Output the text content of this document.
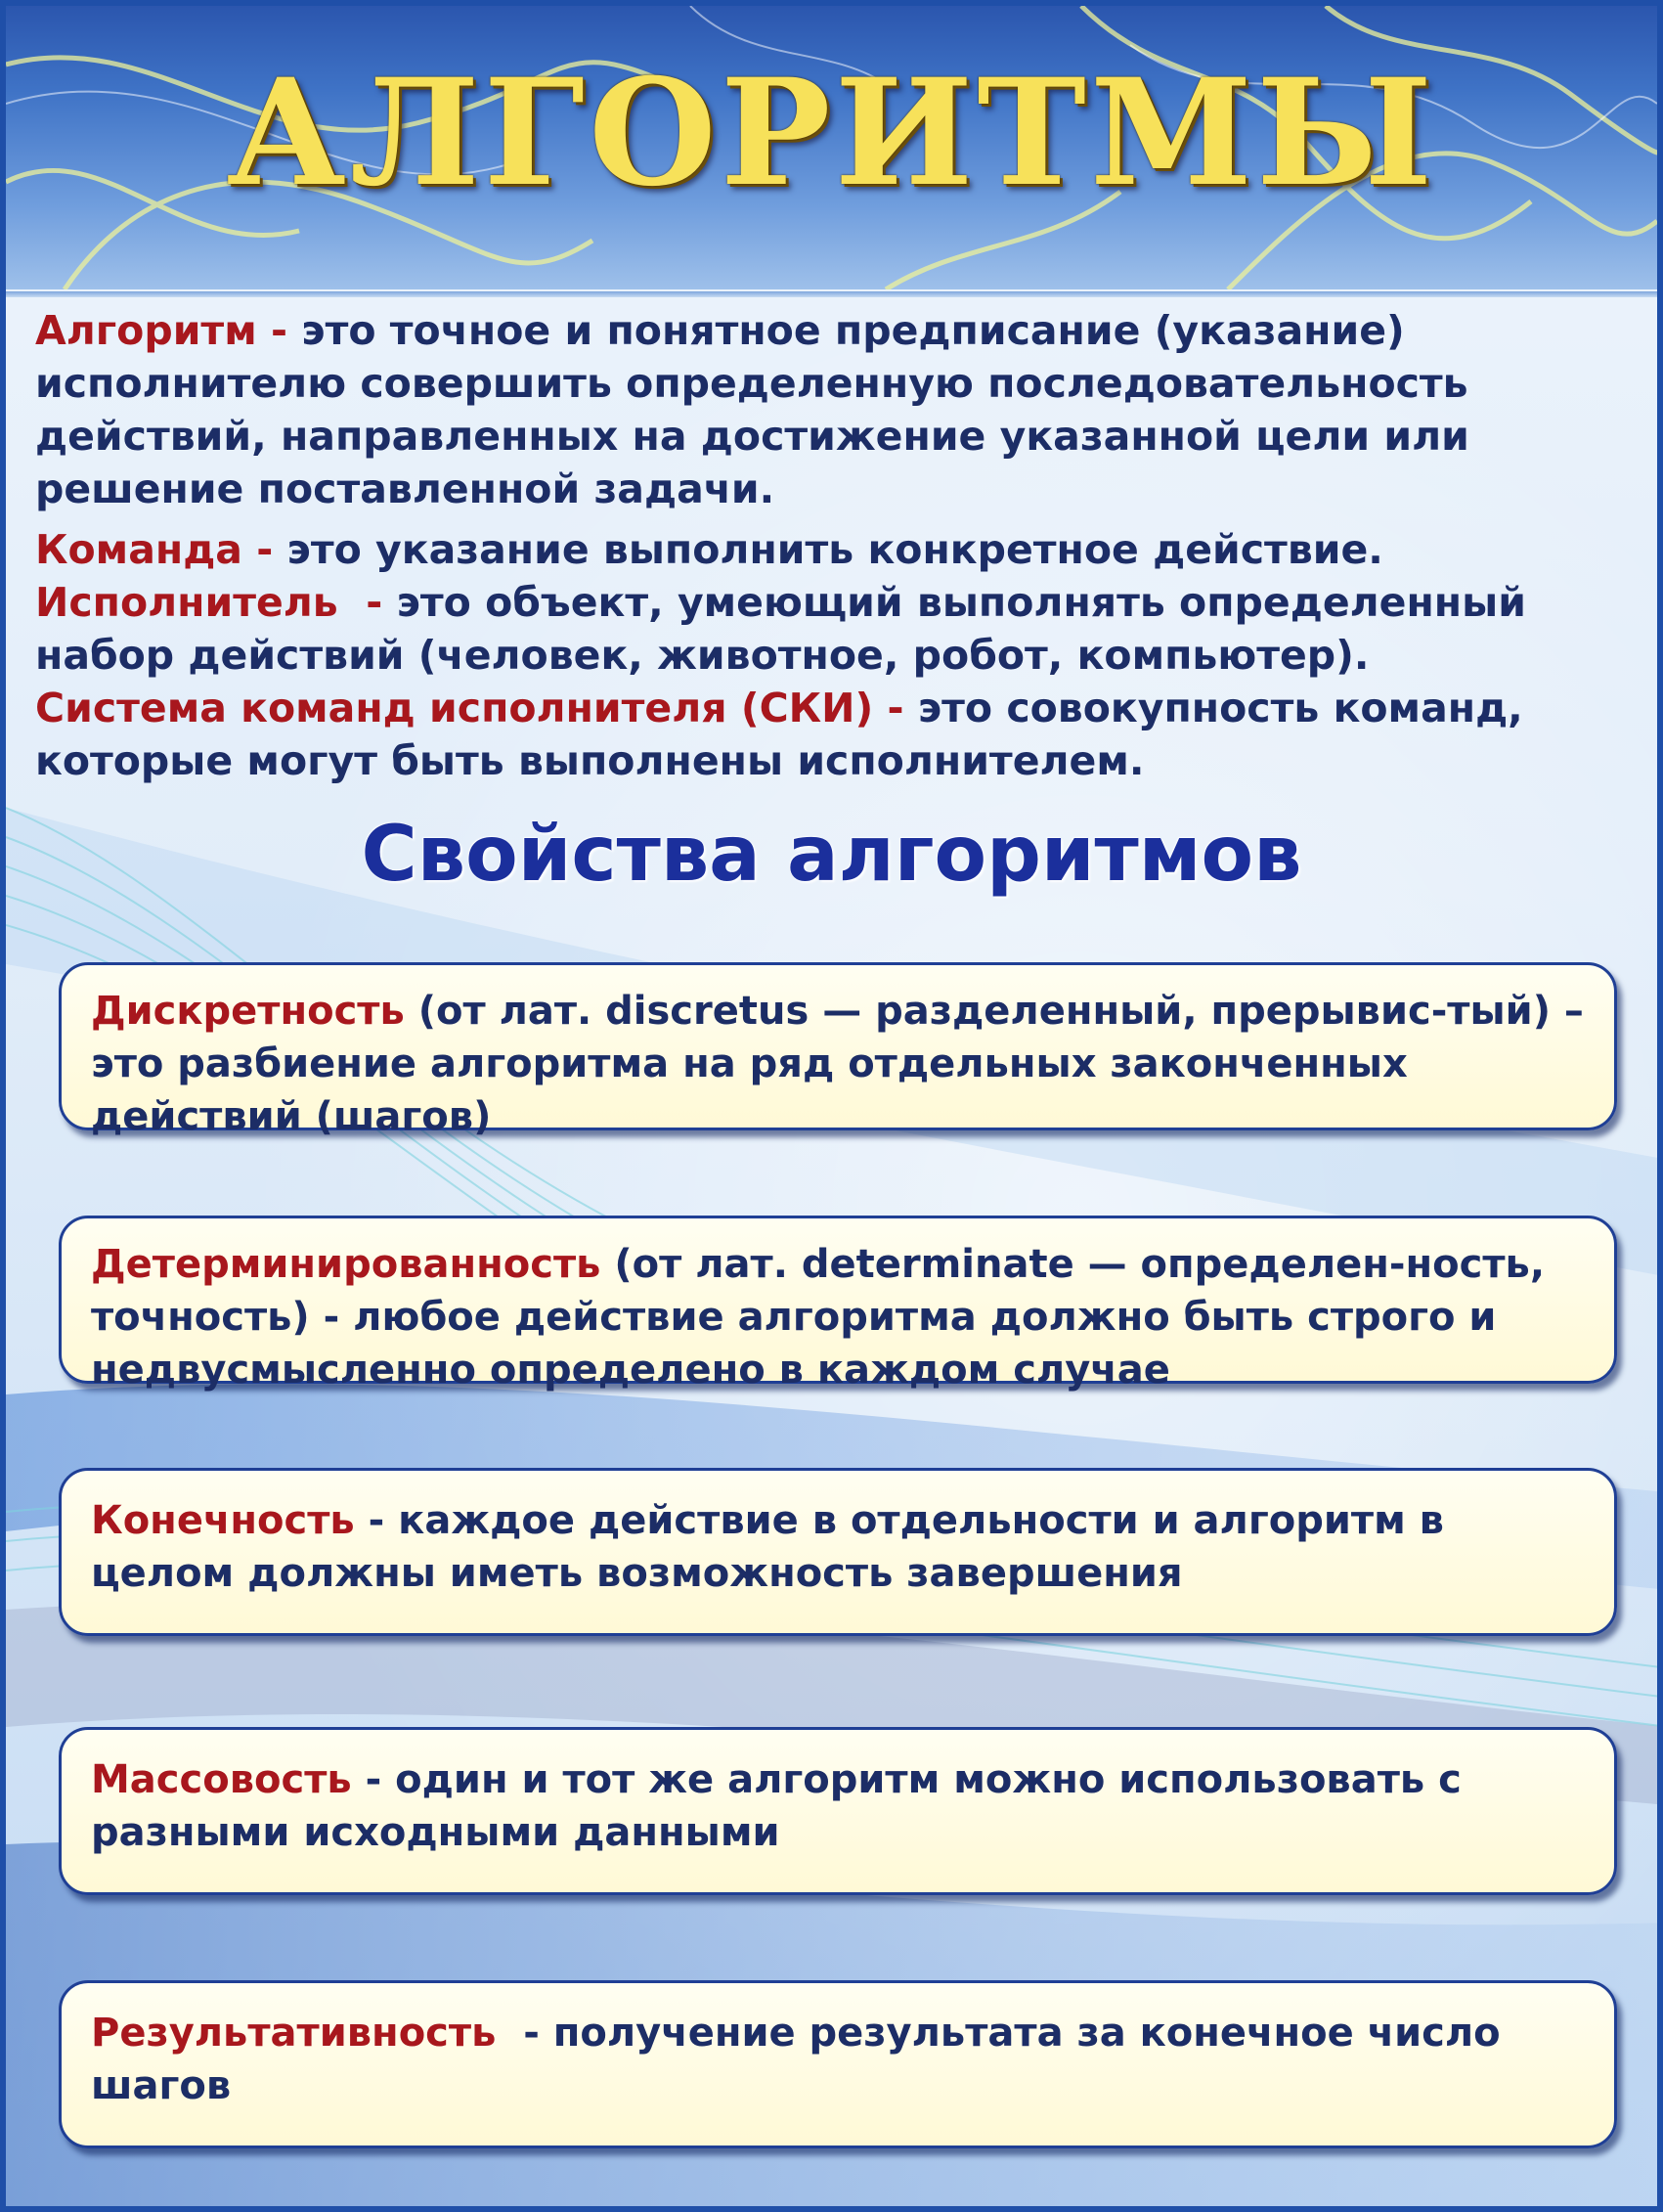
АЛГОРИТМЫ
Алгоритм - это точное и понятное предписание (указание) исполнителю совершить определенную последовательность действий, направленных на достижение указанной цели или решение поставленной задачи.
Команда - это указание выполнить конкретное действие.
Исполнитель  - это объект, умеющий выполнять определенный набор действий (человек, животное, робот, компьютер).
Система команд исполнителя (СКИ) - это совокупность команд, которые могут быть выполнены исполнителем.
Свойства алгоритмов
Дискретность (от лат. discretus — разделенный, прерывис-тый) – это разбиение алгоритма на ряд отдельных законченных действий (шагов)
Детерминированность (от лат. determinate — определен-ность, точность) - любое действие алгоритма должно быть строго и недвусмысленно определено в каждом случае
Конечность - каждое действие в отдельности и алгоритм в целом должны иметь возможность завершения
Массовость - один и тот же алгоритм можно использовать с разными исходными данными
Результативность  - получение результата за конечное число шагов
